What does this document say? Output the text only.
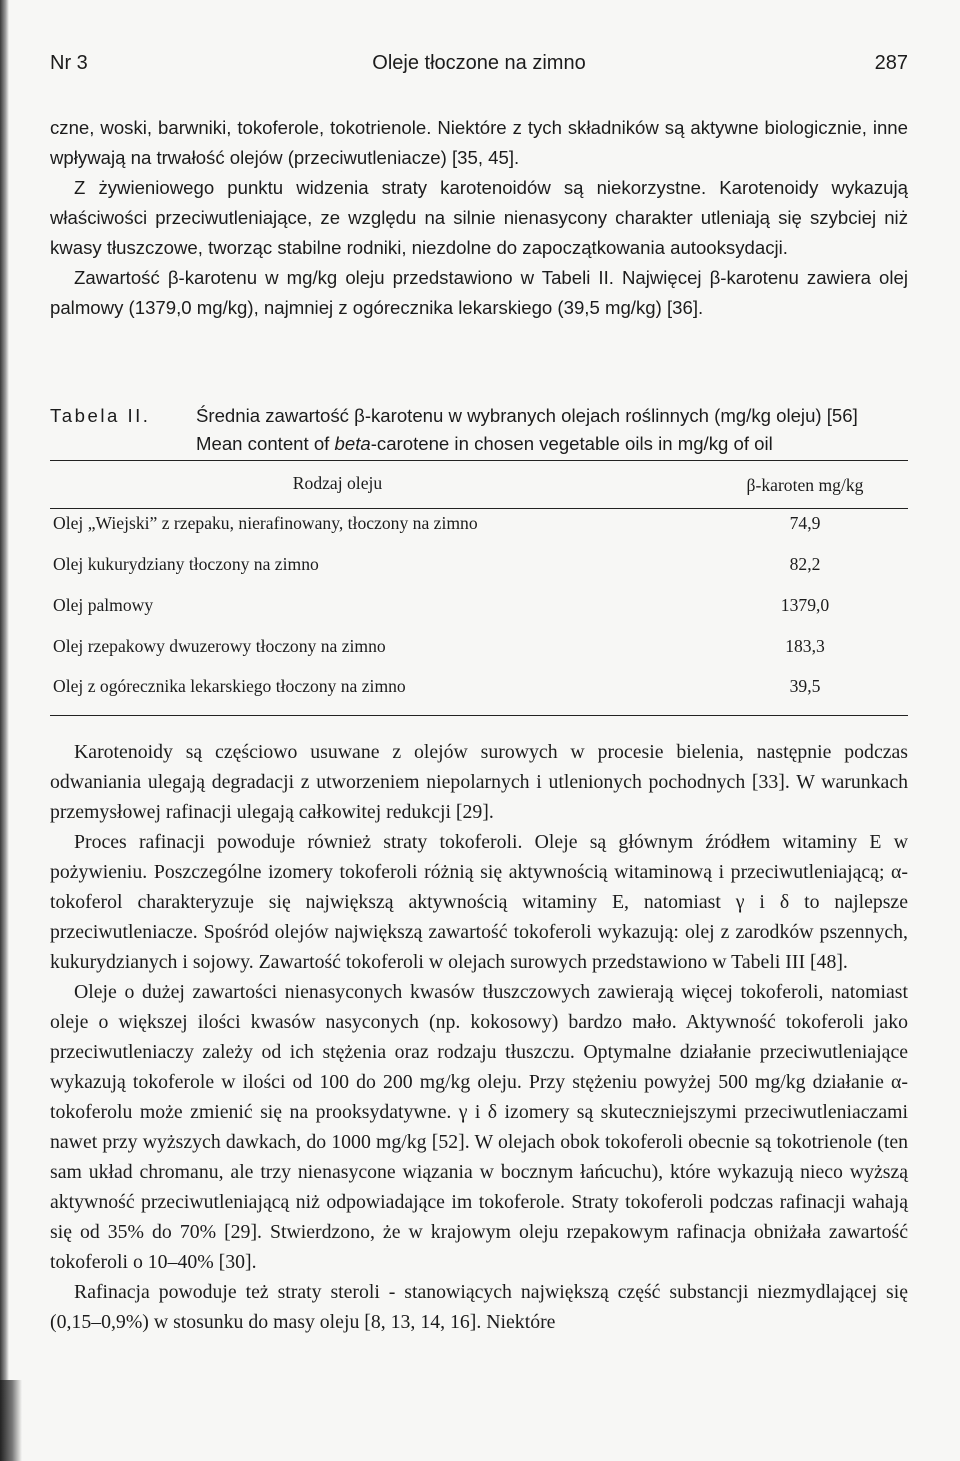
Nr 3	Oleje tłoczone na zimno	287

czne, woski, barwniki, tokoferole, tokotrienole. Niektóre z tych składników są aktywne biologicznie, inne wpływają na trwałość olejów (przeciwutleniacze) [35, 45].

Z żywieniowego punktu widzenia straty karotenoidów są niekorzystne. Karotenoidy wykazują właściwości przeciwutleniające, ze względu na silnie nienasycony charakter utleniają się szybciej niż kwasy tłuszczowe, tworząc stabilne rodniki, niezdolne do zapoczątkowania autooksydacji.

Zawartość β-karotenu w mg/kg oleju przedstawiono w Tabeli II. Najwięcej β-karotenu zawiera olej palmowy (1379,0 mg/kg), najmniej z ogórecznika lekarskiego (39,5 mg/kg) [36].

Tabela II. Średnia zawartość β-karotenu w wybranych olejach roślinnych (mg/kg oleju) [56]
Mean content of beta-carotene in chosen vegetable oils in mg/kg of oil
Rodzaj oleju	β-karoten mg/kg
Olej „Wiejski” z rzepaku, nierafinowany, tłoczony na zimno	74,9
Olej kukurydziany tłoczony na zimno	82,2
Olej palmowy	1379,0
Olej rzepakowy dwuzerowy tłoczony na zimno	183,3
Olej z ogórecznika lekarskiego tłoczony na zimno	39,5

Karotenoidy są częściowo usuwane z olejów surowych w procesie bielenia, następnie podczas odwaniania ulegają degradacji z utworzeniem niepolarnych i utlenionych pochodnych [33]. W warunkach przemysłowej rafinacji ulegają całkowitej redukcji [29].

Proces rafinacji powoduje również straty tokoferoli. Oleje są głównym źródłem witaminy E w pożywieniu. Poszczególne izomery tokoferoli różnią się aktywnością witaminową i przeciwutleniającą; α-tokoferol charakteryzuje się największą aktywnością witaminy E, natomiast γ i δ to najlepsze przeciwutleniacze. Spośród olejów największą zawartość tokoferoli wykazują: olej z zarodków pszennych, kukurydzianych i sojowy. Zawartość tokoferoli w olejach surowych przedstawiono w Tabeli III [48].

Oleje o dużej zawartości nienasyconych kwasów tłuszczowych zawierają więcej tokoferoli, natomiast oleje o większej ilości kwasów nasyconych (np. kokosowy) bardzo mało. Aktywność tokoferoli jako przeciwutleniaczy zależy od ich stężenia oraz rodzaju tłuszczu. Optymalne działanie przeciwutleniające wykazują tokoferole w ilości od 100 do 200 mg/kg oleju. Przy stężeniu powyżej 500 mg/kg działanie α-tokoferolu może zmienić się na prooksydatywne. γ i δ izomery są skuteczniejszymi przeciwutleniaczami nawet przy wyższych dawkach, do 1000 mg/kg [52]. W olejach obok tokoferoli obecnie są tokotrienole (ten sam układ chromanu, ale trzy nienasycone wiązania w bocznym łańcuchu), które wykazują nieco wyższą aktywność przeciwutleniającą niż odpowiadające im tokoferole. Straty tokoferoli podczas rafinacji wahają się od 35% do 70% [29]. Stwierdzono, że w krajowym oleju rzepakowym rafinacja obniżała zawartość tokoferoli o 10–40% [30].

Rafinacja powoduje też straty steroli - stanowiących największą część substancji niezmydlającej się (0,15–0,9%) w stosunku do masy oleju [8, 13, 14, 16]. Niektóre
